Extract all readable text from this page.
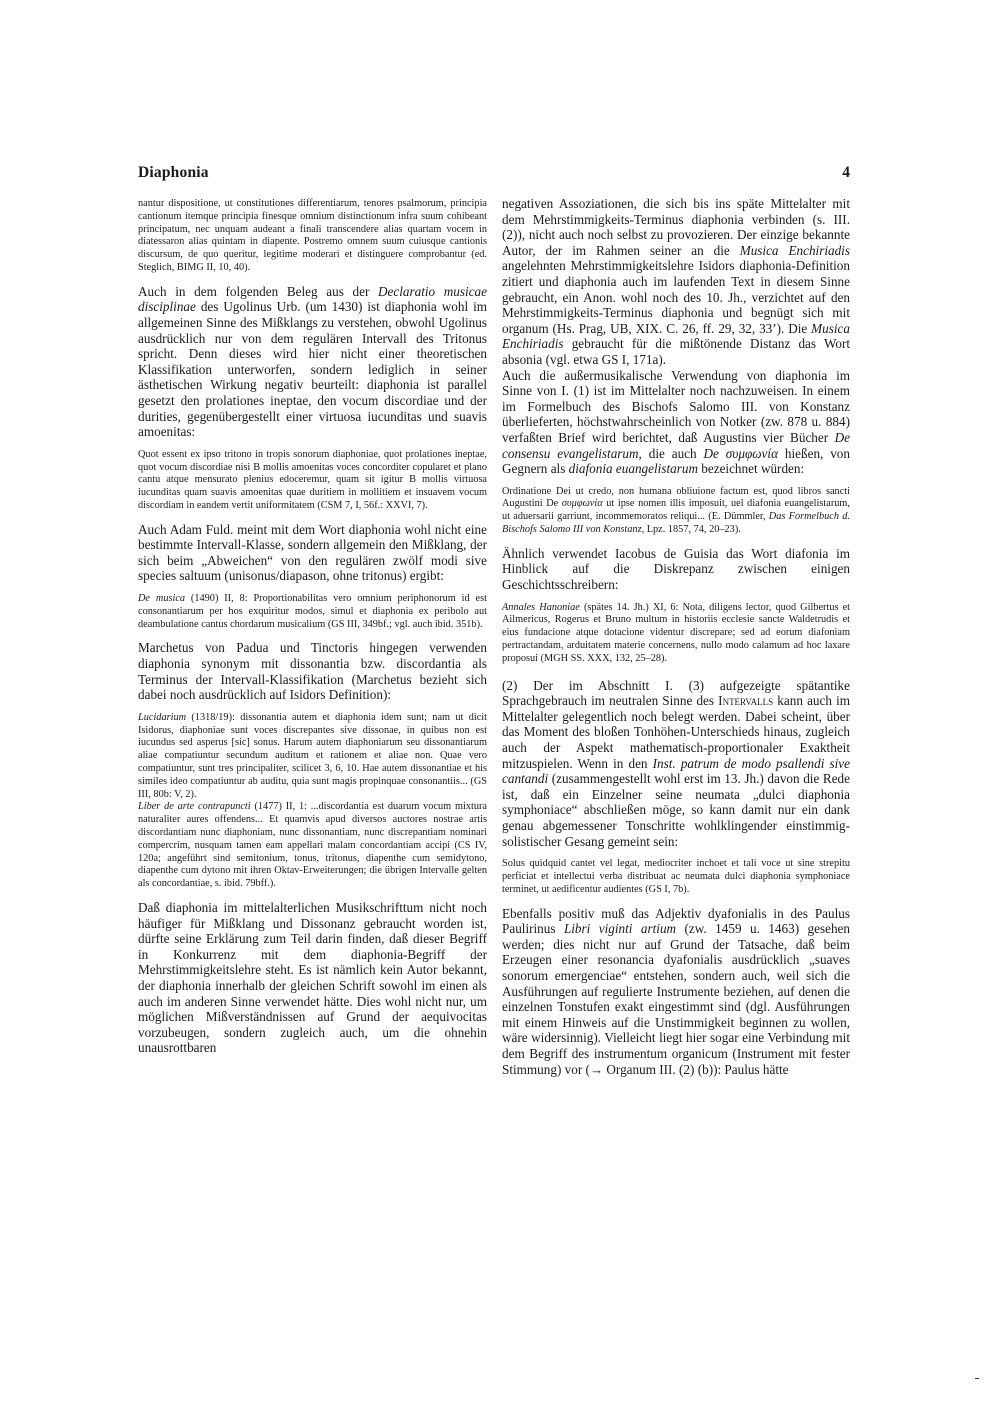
Diaphonia	4

nantur dispositione, ut constitutiones differentiarum, tenores psalmorum, principia cantionum itemque principia finesque omnium distinctionum infra suum cohibeant principatum, nec unquam audeant a finali transcendere alias quartam vocem in diatessaron alias quintam in diapente. Postremo omnem suum cuiusque cantionis discursum, de quo queritur, legitime moderari et distinguere comprobantur (ed. Steglich, BIMG II, 10, 40).

Auch in dem folgenden Beleg aus der Declaratio musicae disciplinae des Ugolinus Urb. (um 1430) ist diaphonia wohl im allgemeinen Sinne des Mißklangs zu verstehen, obwohl Ugolinus ausdrücklich nur von dem regulären Intervall des Tritonus spricht. Denn dieses wird hier nicht einer theoretischen Klassifikation unterworfen, sondern lediglich in seiner ästhetischen Wirkung negativ beurteilt: diaphonia ist parallel gesetzt den prolationes ineptae, den vocum discordiae und der durities, gegenübergestellt einer virtuosa iucunditas und suavis amoenitas:

Quot essent ex ipso tritono in tropis sonorum diaphoniae, quot prolationes ineptae, quot vocum discordiae nisi B mollis amoenitas voces concorditer copularet et plano cantu atque mensurato plenius edoceremur, quam sit igitur B mollis virtuosa iucunditas quam suavis amoenitas quae duritiem in mollitiem et insuavem vocum discordiam in eandem vertit uniformitatem (CSM 7, I, 56f.: XXVI, 7).

Auch Adam Fuld. meint mit dem Wort diaphonia wohl nicht eine bestimmte Intervall-Klasse, sondern allgemein den Mißklang, der sich beim „Abweichen“ von den regulären zwölf modi sive species saltuum (unisonus/diapason, ohne tritonus) ergibt:

De musica (1490) II, 8: Proportionabilitas vero omnium periphonorum id est consonantiarum per hos exquiritur modos, simul et diaphonia ex peribolo aut deambulatione cantus chordarum musicalium (GS III, 349bf.; vgl. auch ibid. 351b).

Marchetus von Padua und Tinctoris hingegen verwenden diaphonia synonym mit dissonantia bzw. discordantia als Terminus der Intervall-Klassifikation (Marchetus bezieht sich dabei noch ausdrücklich auf Isidors Definition):

Lucidarium (1318/19): dissonantia autem et diaphonia idem sunt; nam ut dicit Isidorus, diaphoniae sunt voces discrepantes sive dissonae, in quibus non est iucundus sed asperus [sic] sonus. Harum autem diaphoniarum seu dissonantiarum aliae compatiuntur secundum auditum et rationem et aliae non. Quae vero compatiuntur, sunt tres principaliter, scilicet 3, 6, 10. Hae autem dissonantiae et his similes ideo compatiuntur ab auditu, quia sunt magis propinquae consonantiis... (GS III, 80b: V, 2).

Liber de arte contrapuncti (1477) II, 1: ...discordantia est duarum vocum mixtura naturaliter aures offendens... Et quamvis apud diversos auctores nostrae artis discordantiam nunc diaphoniam, nunc dissonantiam, nunc discrepantiam nominari compercrim, nusquam tamen eam appellari malam concordantiam accipi (CS IV, 120a; angeführt sind semitonium, tonus, tritonus, diapenthe cum semidytono, diapenthe cum dytono mit ihren Oktav-Erweiterungen; die übrigen Intervalle gelten als concordantiae, s. ibid. 79bff.).

Daß diaphonia im mittelalterlichen Musikschrifttum nicht noch häufiger für Mißklang und Dissonanz gebraucht worden ist, dürfte seine Erklärung zum Teil darin finden, daß dieser Begriff in Konkurrenz mit dem diaphonia-Begriff der Mehrstimmigkeitslehre steht. Es ist nämlich kein Autor bekannt, der diaphonia innerhalb der gleichen Schrift sowohl im einen als auch im anderen Sinne verwendet hätte. Dies wohl nicht nur, um möglichen Mißverständnissen auf Grund der aequivocitas vorzubeugen, sondern zugleich auch, um die ohnehin unausrottbaren

negativen Assoziationen, die sich bis ins späte Mittelalter mit dem Mehrstimmigkeits-Terminus diaphonia verbinden (s. III. (2)), nicht auch noch selbst zu provozieren. Der einzige bekannte Autor, der im Rahmen seiner an die Musica Enchiriadis angelehnten Mehrstimmigkeitslehre Isidors diaphonia-Definition zitiert und diaphonia auch im laufenden Text in diesem Sinne gebraucht, ein Anon. wohl noch des 10. Jh., verzichtet auf den Mehrstimmigkeits-Terminus diaphonia und begnügt sich mit organum (Hs. Prag, UB, XIX. C. 26, ff. 29, 32, 33’). Die Musica Enchiriadis gebraucht für die mißtönende Distanz das Wort absonia (vgl. etwa GS I, 171a).

Auch die außermusikalische Verwendung von diaphonia im Sinne von I. (1) ist im Mittelalter noch nachzuweisen. In einem im Formelbuch des Bischofs Salomo III. von Konstanz überlieferten, höchstwahrscheinlich von Notker (zw. 878 u. 884) verfaßten Brief wird berichtet, daß Augustins vier Bücher De consensu evangelistarum, die auch De συμφωνία hießen, von Gegnern als diafonia euangelistarum bezeichnet würden:

Ordinatione Dei ut credo, non humana obliuione factum est, quod libros sancti Augustini De συμφωνία ut ipse nomen illis imposuit, uel diafonia euangelistarum, ut aduersarii garriunt, incommemoratos reliqui... (E. Dümmler, Das Formelbuch d. Bischofs Salomo III von Konstanz, Lpz. 1857, 74, 20–23).

Ähnlich verwendet Iacobus de Guisia das Wort diafonia im Hinblick auf die Diskrepanz zwischen einigen Geschichtsschreibern:

Annales Hanoniae (spätes 14. Jh.) XI, 6: Nota, diligens lector, quod Gilbertus et Ailmericus, Rogerus et Bruno multum in historiis ecclesie sancte Waldetrudis et eius fundacione atque dotacione videntur discrepare; sed ad eorum diafoniam pertractandam, arduitatem materie concernens, nullo modo calamum ad hoc laxare proposui (MGH SS. XXX, 132, 25–28).

(2) Der im Abschnitt I. (3) aufgezeigte spätantike Sprachgebrauch im neutralen Sinne des Intervalls kann auch im Mittelalter gelegentlich noch belegt werden. Dabei scheint, über das Moment des bloßen Tonhöhen-Unterschieds hinaus, zugleich auch der Aspekt mathematisch-proportionaler Exaktheit mitzuspielen. Wenn in den Inst. patrum de modo psallendi sive cantandi (zusammengestellt wohl erst im 13. Jh.) davon die Rede ist, daß ein Einzelner seine neumata „dulci diaphonia symphoniace“ abschließen möge, so kann damit nur ein dank genau abgemessener Tonschritte wohlklingender einstimmig-solistischer Gesang gemeint sein:

Solus quidquid cantet vel legat, mediocriter inchoet et tali voce ut sine strepitu perficiat et intellectui verba distribuat ac neumata dulci diaphonia symphoniace terminet, ut aedificentur audientes (GS I, 7b).

Ebenfalls positiv muß das Adjektiv dyafonialis in des Paulus Paulirinus Libri viginti artium (zw. 1459 u. 1463) gesehen werden; dies nicht nur auf Grund der Tatsache, daß beim Erzeugen einer resonancia dyafonialis ausdrücklich „suaves sonorum emergenciae“ entstehen, sondern auch, weil sich die Ausführungen auf regulierte Instrumente beziehen, auf denen die einzelnen Tonstufen exakt eingestimmt sind (dgl. Ausführungen mit einem Hinweis auf die Unstimmigkeit beginnen zu wollen, wäre widersinnig). Vielleicht liegt hier sogar eine Verbindung mit dem Begriff des instrumentum organicum (Instrument mit fester Stimmung) vor (→ Organum III. (2) (b)): Paulus hätte
